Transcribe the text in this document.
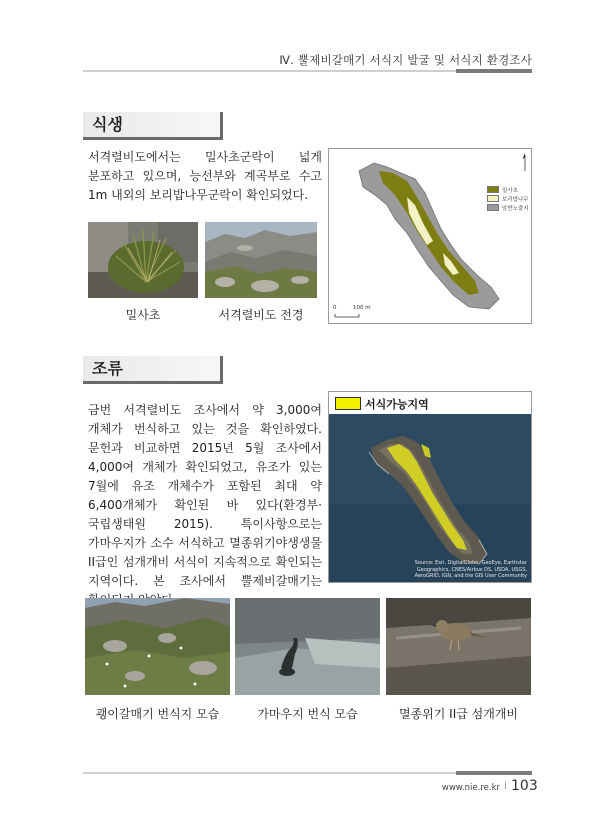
Ⅳ. 뿔제비갈매기 서식지 발굴 및 서식지 환경조사
식생
서격렬비도에서는 밀사초군락이 넓게 분포하고 있으며, 능선부와 계곡부로 수고 1m 내외의 보리밥나무군락이 확인되었다.
밀사초	서격렬비도 전경
밀사초
보리밥나무
암반노출지
0	100 m
조류
금번 서격렬비도 조사에서 약 3,000여 개체가 번식하고 있는 것을 확인하였다. 문헌과 비교하면 2015년 5월 조사에서 4,000여 개체가 확인되었고, 유조가 있는 7월에 유조 개체수가 포함된 최대 약 6,400개체가 확인된 바 있다(환경부·국립생태원 2015). 특이사항으로는 가마우지가 소수 서식하고 멸종위기야생생물 II급인 섬개개비 서식이 지속적으로 확인되는 지역이다. 본 조사에서 뿔제비갈매기는
서식가능지역
Source: Esri, DigitalGlobe, GeoEye, Earthstar Geographics, CNES/Airbus DS, USDA, USGS, AeroGRID, IGN, and the GIS User Community
괭이갈매기 번식지 모습	가마우지 번식 모습	멸종위기 II급 섬개개비
www.nie.re.kr I 103
